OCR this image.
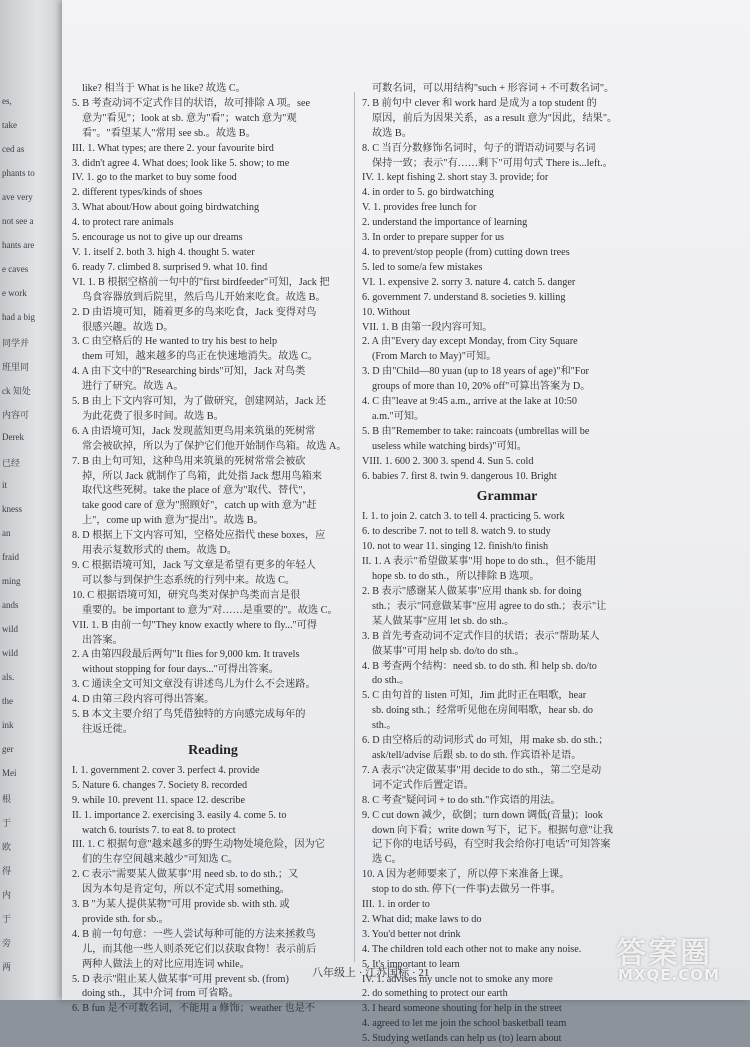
es,
take
ced as
phants to
ave very
not see a
hants are
e caves
e work
had a big
同学并
班里同
ck 知处
内容可
Derek
已经
it
kness
an
fraid
ming
ands
wild
wild
als.
the
ink
ger
Mei
根
于
欧
得
内
于
旁
两
like? 相当于 What is he like? 故选 C。
5. B 考查动词不定式作目的状语，故可排除 A 项。see
意为"看见"；look at sb. 意为"看"；watch 意为"观
看"。"看望某人"常用 see sb.。故选 B。
III. 1. What types; are there 2. your favourite bird
3. didn't agree 4. What does; look like 5. show; to me
IV. 1. go to the market to buy some food
2. different types/kinds of shoes
3. What about/How about going birdwatching
4. to protect rare animals
5. encourage us not to give up our dreams
V. 1. itself 2. both 3. high 4. thought 5. water
6. ready 7. climbed 8. surprised 9. what 10. find
VI. 1. B 根据空格前一句中的"first birdfeeder"可知，Jack 把
鸟食容器放到后院里，然后鸟儿开始来吃食。故选 B。
2. D 由语境可知，随着更多的鸟来吃食，Jack 变得对鸟
很感兴趣。故选 D。
3. C 由空格后的 He wanted to try his best to help
them 可知，越来越多的鸟正在快速地消失。故选 C。
4. A 由下文中的"Researching birds"可知，Jack 对鸟类
进行了研究。故选 A。
5. B 由上下文内容可知，为了做研究，创建网站，Jack 还
为此花费了很多时间。故选 B。
6. A 由语境可知，Jack 发现蓝知更鸟用来筑巢的死树常
常会被砍掉，所以为了保护它们他开始制作鸟箱。故选 A。
7. B 由上句可知，这种鸟用来筑巢的死树常常会被砍
掉，所以 Jack 就制作了鸟箱，此处指 Jack 想用鸟箱来
取代这些死树。take the place of 意为"取代、替代"，
take good care of 意为"照顾好"，catch up with 意为"赶
上"，come up with 意为"提出"。故选 B。
8. D 根据上下文内容可知，空格处应指代 these boxes，应
用表示复数形式的 them。故选 D。
9. C 根据语境可知，Jack 写文章是希望有更多的年轻人
可以参与到保护生态系统的行列中来。故选 C。
10. C 根据语境可知，研究鸟类对保护鸟类而言是很
重要的。be important to 意为"对……是重要的"。故选 C。
VII. 1. B 由前一句"They know exactly where to fly..."可得
出答案。
2. A 由第四段最后两句"It flies for 9,000 km. It travels
without stopping for four days..."可得出答案。
3. C 通读全文可知文章没有讲述鸟儿为什么不会迷路。
4. D 由第三段内容可得出答案。
5. B 本文主要介绍了鸟凭借独特的方向感完成每年的
往返迁徙。
Reading
I. 1. government 2. cover 3. perfect 4. provide
5. Nature 6. changes 7. Society 8. recorded
9. while 10. prevent 11. space 12. describe
II. 1. importance 2. exercising 3. easily 4. come 5. to
watch 6. tourists 7. to eat 8. to protect
III. 1. C 根据句意"越来越多的野生动物处境危险，因为它
们的生存空间越来越少"可知选 C。
2. C 表示"需要某人做某事"用 need sb. to do sth.；又
因为本句是肯定句，所以不定式用 something。
3. B "为某人提供某物"可用 provide sb. with sth. 或
provide sth. for sb.。
4. B 前一句句意：一些人尝试每种可能的方法来拯救鸟
儿，而其他一些人则杀死它们以获取食物！表示前后
两种人做法上的对比应用连词 while。
5. D 表示"阻止某人做某事"可用 prevent sb. (from)
doing sth.，其中介词 from 可省略。
6. B fun 是不可数名词，不能用 a 修饰；weather 也是不
可数名词，可以用结构"such + 形容词 + 不可数名词"。
7. B 前句中 clever 和 work hard 是成为 a top student 的
原因，前后为因果关系，as a result 意为"因此，结果"。
故选 B。
8. C 当百分数修饰名词时，句子的谓语动词要与名词
保持一致；表示"有……剩下"可用句式 There is...left.。
IV. 1. kept fishing 2. short stay 3. provide; for
4. in order to 5. go birdwatching
V. 1. provides free lunch for
2. understand the importance of learning
3. In order to prepare supper for us
4. to prevent/stop people (from) cutting down trees
5. led to some/a few mistakes
VI. 1. expensive 2. sorry 3. nature 4. catch 5. danger
6. government 7. understand 8. societies 9. killing
10. Without
VII. 1. B 由第一段内容可知。
2. A 由"Every day except Monday, from City Square
(From March to May)"可知。
3. D 由"Child—80 yuan (up to 18 years of age)"和"For
groups of more than 10, 20% off"可算出答案为 D。
4. C 由"leave at 9:45 a.m., arrive at the lake at 10:50
a.m."可知。
5. B 由"Remember to take: raincoats (umbrellas will be
useless while watching birds)"可知。
VIII. 1. 600 2. 300 3. spend 4. Sun 5. cold
6. babies 7. first 8. twin 9. dangerous 10. Bright
Grammar
I. 1. to join 2. catch 3. to tell 4. practicing 5. work
6. to describe 7. not to tell 8. watch 9. to study
10. not to wear 11. singing 12. finish/to finish
II. 1. A 表示"希望做某事"用 hope to do sth.，但不能用
hope sb. to do sth.，所以排除 B 选项。
2. B 表示"感谢某人做某事"应用 thank sb. for doing
sth.；表示"同意做某事"应用 agree to do sth.；表示"让
某人做某事"应用 let sb. do sth.。
3. B 首先考查动词不定式作目的状语；表示"帮助某人
做某事"可用 help sb. do/to do sth.。
4. B 考查两个结构：need sb. to do sth. 和 help sb. do/to
do sth.。
5. C 由句首的 listen 可知，Jim 此时正在唱歌，hear
sb. doing sth.；经常听见他在房间唱歌，hear sb. do
sth.。
6. D 由空格后的动词形式 do 可知，用 make sb. do sth.；
ask/tell/advise 后跟 sb. to do sth. 作宾语补足语。
7. A 表示"决定做某事"用 decide to do sth.，第二空是动
词不定式作后置定语。
8. C 考查"疑问词 + to do sth."作宾语的用法。
9. C cut down 减少，砍倒；turn down 调低(音量)；look
down 向下看；write down 写下，记下。根据句意"让我
记下你的电话号码，有空时我会给你打电话"可知答案
选 C。
10. A 因为老师要来了，所以停下来准备上课。
stop to do sth. 停下(一件事)去做另一件事。
III. 1. in order to
2. What did; make laws to do
3. You'd better not drink
4. The children told each other not to make any noise.
5. It's important to learn
IV. 1. advises my uncle not to smoke any more
2. do something to protect our earth
3. I heard someone shouting for help in the street
4. agreed to let me join the school basketball team
5. Studying wetlands can help us (to) learn about
八年级上 · 江苏国标 · 21
答案圈
MXQE.COM
